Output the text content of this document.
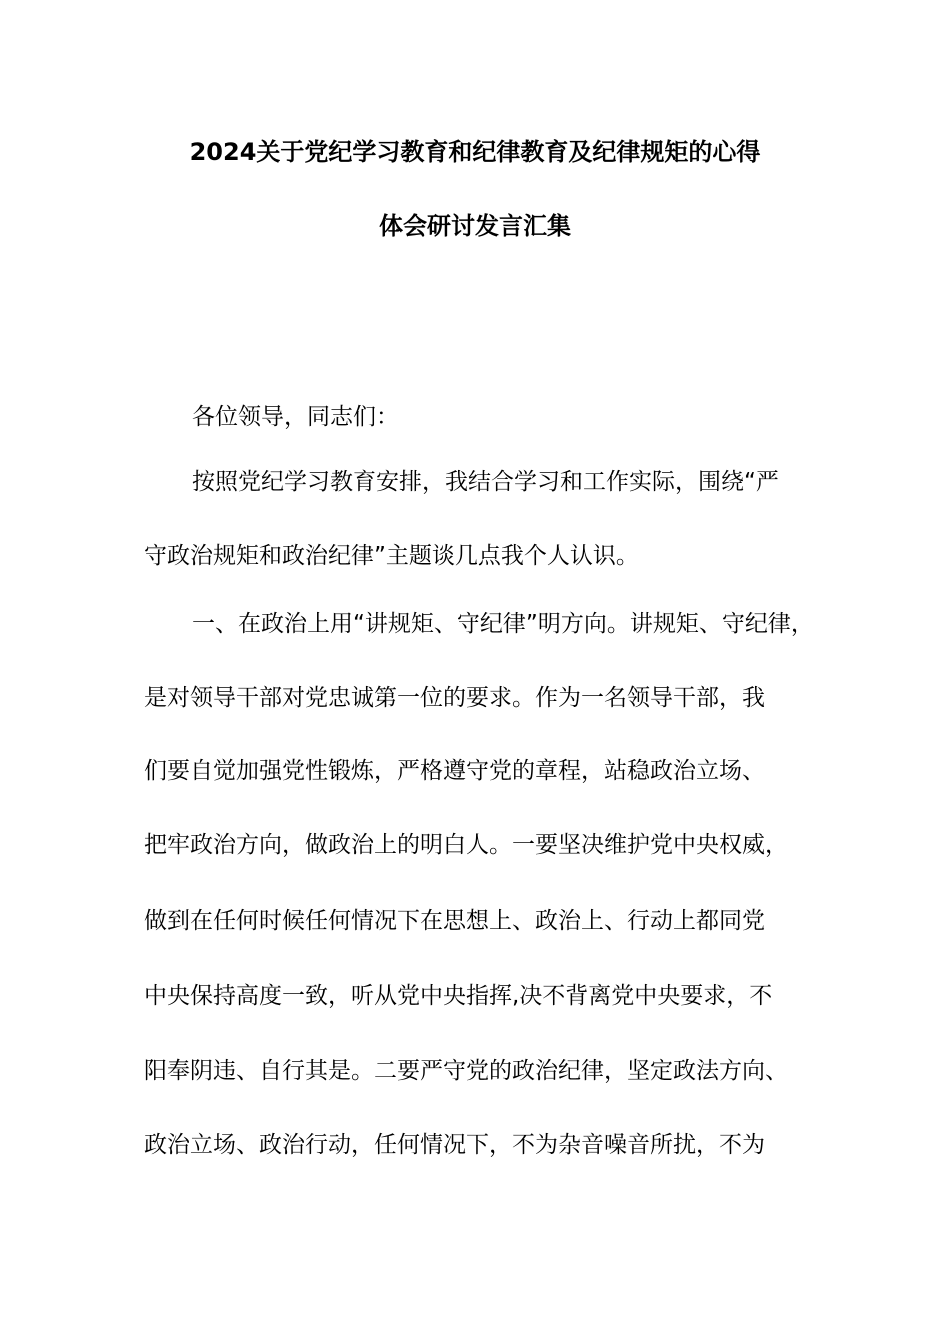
2024关于党纪学习教育和纪律教育及纪律规矩的心得
体会研讨发言汇集
各位领导，同志们：
按照党纪学习教育安排，我结合学习和工作实际，围绕“严
守政治规矩和政治纪律”主题谈几点我个人认识。
一、在政治上用“讲规矩、守纪律”明方向。讲规矩、守纪律，
是对领导干部对党忠诚第一位的要求。作为一名领导干部，我
们要自觉加强党性锻炼，严格遵守党的章程，站稳政治立场、
把牢政治方向，做政治上的明白人。一要坚决维护党中央权威，
做到在任何时候任何情况下在思想上、政治上、行动上都同党
中央保持高度一致，听从党中央指挥,决不背离党中央要求，不
阳奉阴违、自行其是。二要严守党的政治纪律，坚定政法方向、
政治立场、政治行动，任何情况下，不为杂音噪音所扰，不为
